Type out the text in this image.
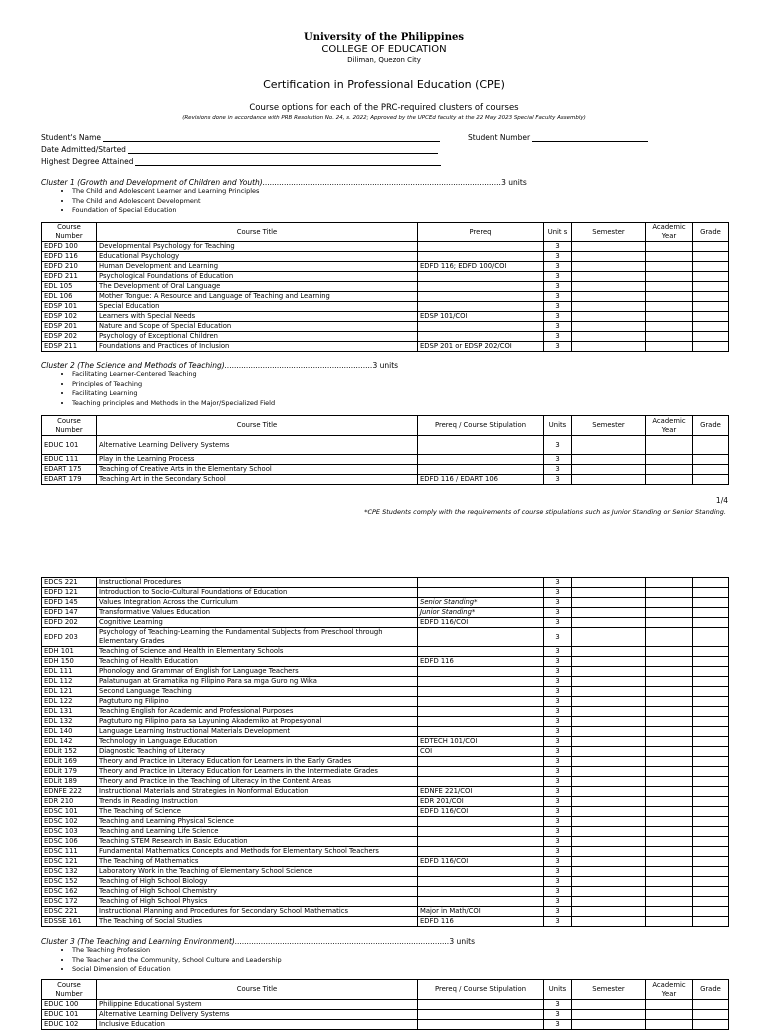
University of the Philippines
COLLEGE OF EDUCATION
Diliman, Quezon City
Certification in Professional Education (CPE)
Course options for each of the PRC-required clusters of courses
(Revisions done in accordance with PRB Resolution No. 24, s. 2022; Approved by the UPCEd faculty at the 22 May 2023 Special Faculty Assembly)
Student's Name	Student Number
Date Admitted/Started
Highest Degree Attained
Cluster 1 (Growth and Development of Children and Youth)....................................................................................................3 units
• The Child and Adolescent Learner and Learning Principles
• The Child and Adolescent Development
• Foundation of Special Education
Course Number	Course Title	Prereq	Unit s	Semester	Academic Year	Grade
EDFD 100	Developmental Psychology for Teaching		3			
EDFD 116	Educational Psychology		3			
EDFD 210	Human Development and Learning	EDFD 116; EDFD 100/COI	3			
EDFD 211	Psychological Foundations of Education		3			
EDL 105	The Development of Oral Language		3			
EDL 106	Mother Tongue: A Resource and Language of Teaching and Learning		3			
EDSP 101	Special Education		3			
EDSP 102	Learners with Special Needs	EDSP 101/COI	3			
EDSP 201	Nature and Scope of Special Education		3			
EDSP 202	Psychology of Exceptional Children		3			
EDSP 211	Foundations and Practices of Inclusion	EDSP 201 or EDSP 202/COI	3			
Cluster 2 (The Science and Methods of Teaching)..............................................................3 units
• Facilitating Learner-Centered Teaching
• Principles of Teaching
• Facilitating Learning
• Teaching principles and Methods in the Major/Specialized Field
Course Number	Course Title	Prereq / Course Stipulation	Units	Semester	Academic Year	Grade
EDUC 101	Alternative Learning Delivery Systems		3			
EDUC 111	Play in the Learning Process		3			
EDART 175	Teaching of Creative Arts in the Elementary School		3			
EDART 179	Teaching Art in the Secondary School	EDFD 116 / EDART 106	3			
1/4
*CPE Students comply with the requirements of course stipulations such as Junior Standing or Senior Standing.
EDCS 221	Instructional Procedures		3			
EDFD 121	Introduction to Socio-Cultural Foundations of Education		3			
EDFD 145	Values Integration Across the Curriculum	Senior Standing*	3			
EDFD 147	Transformative Values Education	Junior Standing*	3			
EDFD 202	Cognitive Learning	EDFD 116/COI	3			
EDFD 203	Psychology of Teaching-Learning the Fundamental Subjects from Preschool through Elementary Grades		3			
EDH 101	Teaching of Science and Health in Elementary Schools		3			
EDH 150	Teaching of Health Education	EDFD 116	3			
EDL 111	Phonology and Grammar of English for Language Teachers		3			
EDL 112	Palatunugan at Gramatika ng Filipino Para sa mga Guro ng Wika		3			
EDL 121	Second Language Teaching		3			
EDL 122	Pagtuturo ng Filipino		3			
EDL 131	Teaching English for Academic and Professional Purposes		3			
EDL 132	Pagtuturo ng Filipino para sa Layuning Akademiko at Propesyonal		3			
EDL 140	Language Learning Instructional Materials Development		3			
EDL 142	Technology in Language Education	EDTECH 101/COI	3			
EDLit 152	Diagnostic Teaching of Literacy	COI	3			
EDLit 169	Theory and Practice in Literacy Education for Learners in the Early Grades		3			
EDLit 179	Theory and Practice in Literacy Education for Learners in the Intermediate Grades		3			
EDLit 189	Theory and Practice in the Teaching of Literacy in the Content Areas		3			
EDNFE 222	Instructional Materials and Strategies in Nonformal Education	EDNFE 221/COI	3			
EDR 210	Trends in Reading Instruction	EDR 201/COI	3			
EDSC 101	The Teaching of Science	EDFD 116/COI	3			
EDSC 102	Teaching and Learning Physical Science		3			
EDSC 103	Teaching and Learning Life Science		3			
EDSC 106	Teaching STEM Research in Basic Education		3			
EDSC 111	Fundamental Mathematics Concepts and Methods for Elementary School Teachers		3			
EDSC 121	The Teaching of Mathematics	EDFD 116/COI	3			
EDSC 132	Laboratory Work in the Teaching of Elementary School Science		3			
EDSC 152	Teaching of High School Biology		3			
EDSC 162	Teaching of High School Chemistry		3			
EDSC 172	Teaching of High School Physics		3			
EDSC 221	Instructional Planning and Procedures for Secondary School Mathematics	Major in Math/COI	3			
EDSSE 161	The Teaching of Social Studies	EDFD 116	3			
Cluster 3 (The Teaching and Learning Environment)..........................................................................................3 units
• The Teaching Profession
• The Teacher and the Community, School Culture and Leadership
• Social Dimension of Education
Course Number	Course Title	Prereq / Course Stipulation	Units	Semester	Academic Year	Grade
EDUC 100	Philippine Educational System		3			
EDUC 101	Alternative Learning Delivery Systems		3			
EDUC 102	Inclusive Education		3			
